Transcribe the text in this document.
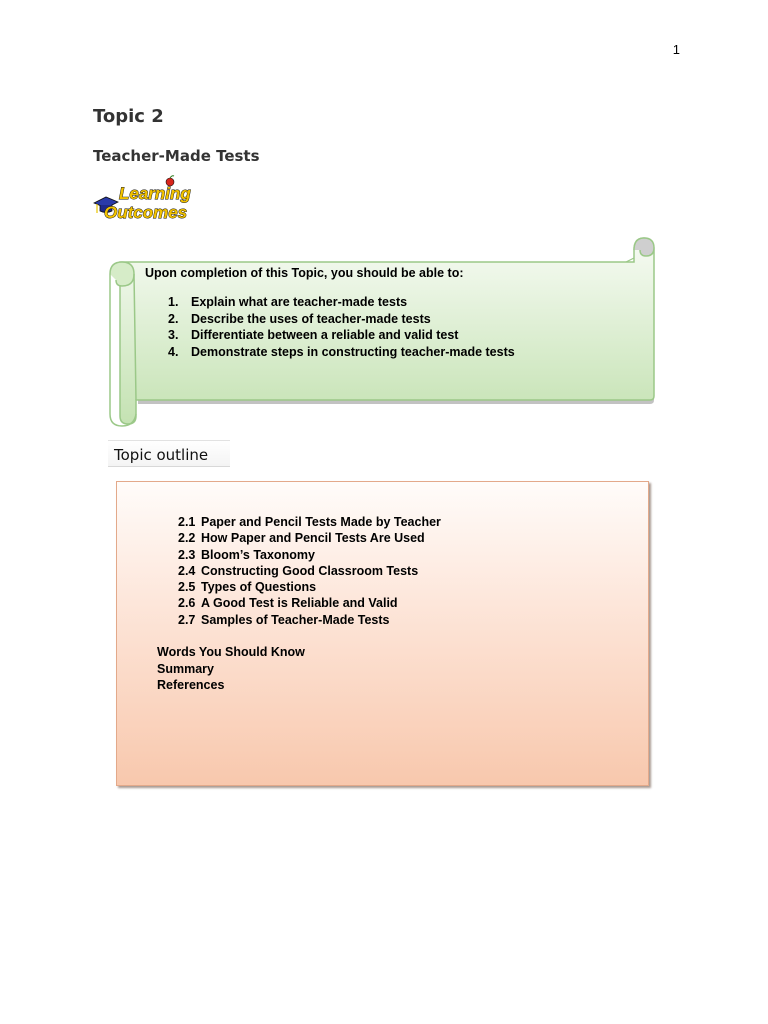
1
Topic 2
Teacher-Made Tests
Learning
Outcomes
Upon completion of this Topic, you should be able to:
1.	Explain what are teacher-made tests
2.	Describe the uses of teacher-made tests
3.	Differentiate between a reliable and valid test
4.	Demonstrate steps in constructing teacher-made tests
Topic outline
2.1 Paper and Pencil Tests Made by Teacher
2.2 How Paper and Pencil Tests Are Used
2.3 Bloom’s Taxonomy
2.4 Constructing Good Classroom Tests
2.5 Types of Questions
2.6 A Good Test is Reliable and Valid
2.7 Samples of Teacher-Made Tests
Words You Should Know
Summary
References
